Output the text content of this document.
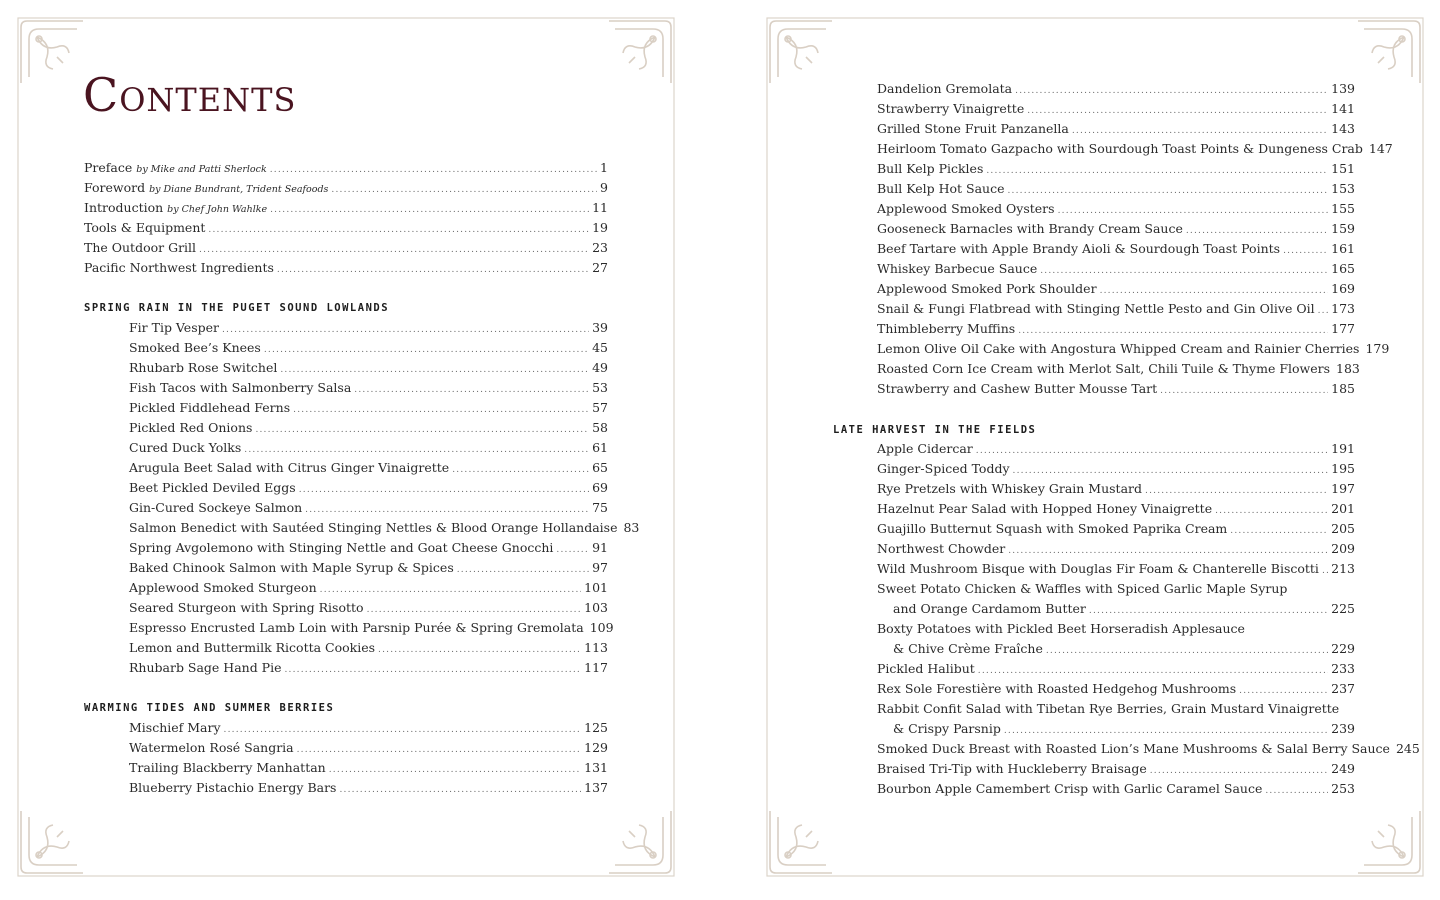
Contents
Preface by Mike and Patti Sherlock .....	1
Foreword by Diane Bundrant, Trident Seafoods .....	9
Introduction by Chef John Wahlke .....	11
Tools & Equipment .....	19
The Outdoor Grill .....	23
Pacific Northwest Ingredients .....	27
SPRING RAIN IN THE PUGET SOUND LOWLANDS
Fir Tip Vesper .....	39
Smoked Bee’s Knees .....	45
Rhubarb Rose Switchel .....	49
Fish Tacos with Salmonberry Salsa .....	53
Pickled Fiddlehead Ferns .....	57
Pickled Red Onions .....	58
Cured Duck Yolks .....	61
Arugula Beet Salad with Citrus Ginger Vinaigrette .....	65
Beet Pickled Deviled Eggs .....	69
Gin-Cured Sockeye Salmon .....	75
Salmon Benedict with Sautéed Stinging Nettles & Blood Orange Hollandaise 83
Spring Avgolemono with Stinging Nettle and Goat Cheese Gnocchi .....	91
Baked Chinook Salmon with Maple Syrup & Spices .....	97
Applewood Smoked Sturgeon .....	101
Seared Sturgeon with Spring Risotto .....	103
Espresso Encrusted Lamb Loin with Parsnip Purée & Spring Gremolata 109
Lemon and Buttermilk Ricotta Cookies .....	113
Rhubarb Sage Hand Pie .....	117
WARMING TIDES AND SUMMER BERRIES
Mischief Mary .....	125
Watermelon Rosé Sangria .....	129
Trailing Blackberry Manhattan .....	131
Blueberry Pistachio Energy Bars .....	137
Dandelion Gremolata .....	139
Strawberry Vinaigrette .....	141
Grilled Stone Fruit Panzanella .....	143
Heirloom Tomato Gazpacho with Sourdough Toast Points & Dungeness Crab 147
Bull Kelp Pickles .....	151
Bull Kelp Hot Sauce .....	153
Applewood Smoked Oysters .....	155
Gooseneck Barnacles with Brandy Cream Sauce .....	159
Beef Tartare with Apple Brandy Aioli & Sourdough Toast Points .....	161
Whiskey Barbecue Sauce .....	165
Applewood Smoked Pork Shoulder .....	169
Snail & Fungi Flatbread with Stinging Nettle Pesto and Gin Olive Oil ..... 173
Thimbleberry Muffins .....	177
Lemon Olive Oil Cake with Angostura Whipped Cream and Rainier Cherries 179
Roasted Corn Ice Cream with Merlot Salt, Chili Tuile & Thyme Flowers 183
Strawberry and Cashew Butter Mousse Tart .....	185
LATE HARVEST IN THE FIELDS
Apple Cidercar .....	191
Ginger-Spiced Toddy .....	195
Rye Pretzels with Whiskey Grain Mustard .....	197
Hazelnut Pear Salad with Hopped Honey Vinaigrette .....	201
Guajillo Butternut Squash with Smoked Paprika Cream .....	205
Northwest Chowder .....	209
Wild Mushroom Bisque with Douglas Fir Foam & Chanterelle Biscotti ..... 213
Sweet Potato Chicken & Waffles with Spiced Garlic Maple Syrup
and Orange Cardamom Butter .....	225
Boxty Potatoes with Pickled Beet Horseradish Applesauce
& Chive Crème Fraîche .....	229
Pickled Halibut .....	233
Rex Sole Forestière with Roasted Hedgehog Mushrooms .....	237
Rabbit Confit Salad with Tibetan Rye Berries, Grain Mustard Vinaigrette
& Crispy Parsnip .....	239
Smoked Duck Breast with Roasted Lion’s Mane Mushrooms & Salal Berry Sauce 245
Braised Tri-Tip with Huckleberry Braisage .....	249
Bourbon Apple Camembert Crisp with Garlic Caramel Sauce .....	253
